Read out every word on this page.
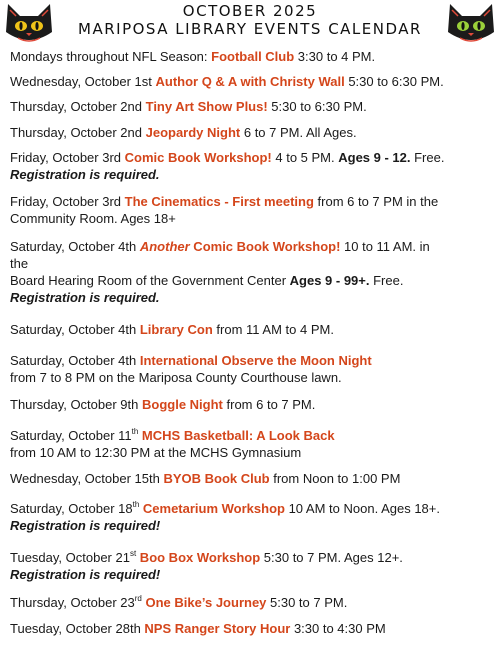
OCTOBER 2025
MARIPOSA LIBRARY EVENTS CALENDAR
Mondays throughout NFL Season: Football Club 3:30 to 4 PM.
Wednesday, October 1st Author Q & A with Christy Wall 5:30 to 6:30 PM.
Thursday, October 2nd Tiny Art Show Plus! 5:30 to 6:30 PM.
Thursday, October 2nd Jeopardy Night 6 to 7 PM. All Ages.
Friday, October 3rd Comic Book Workshop! 4 to 5 PM. Ages 9 - 12. Free.
Registration is required.
Friday, October 3rd The Cinematics - First meeting from 6 to 7 PM in the
Community Room. Ages 18+
Saturday, October 4th Another Comic Book Workshop! 10 to 11 AM. in
the
Board Hearing Room of the Government Center Ages 9 - 99+. Free.
Registration is required.
Saturday, October 4th Library Con from 11 AM to 4 PM.
Saturday, October 4th International Observe the Moon Night
from 7 to 8 PM on the Mariposa County Courthouse lawn.
Thursday, October 9th Boggle Night from 6 to 7 PM.
Saturday, October 11th MCHS Basketball: A Look Back
from 10 AM to 12:30 PM at the MCHS Gymnasium
Wednesday, October 15th BYOB Book Club from Noon to 1:00 PM
Saturday, October 18th Cemetarium Workshop 10 AM to Noon. Ages 18+.
Registration is required!
Tuesday, October 21st Boo Box Workshop 5:30 to 7 PM. Ages 12+.
Registration is required!
Thursday, October 23rd One Bike’s Journey 5:30 to 7 PM.
Tuesday, October 28th NPS Ranger Story Hour 3:30 to 4:30 PM
